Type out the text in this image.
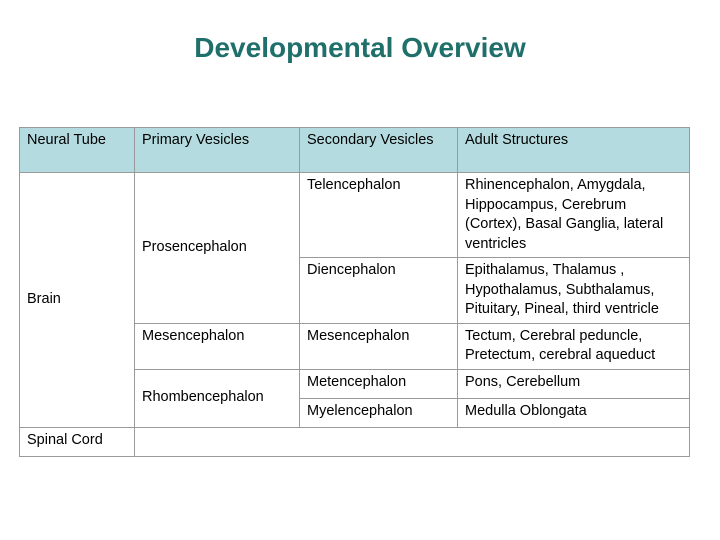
Developmental Overview
Neural Tube	Primary Vesicles	Secondary Vesicles	Adult Structures
Brain	Prosencephalon	Telencephalon	Rhinencephalon, Amygdala, Hippocampus, Cerebrum (Cortex), Basal Ganglia, lateral ventricles
		Diencephalon	Epithalamus, Thalamus , Hypothalamus, Subthalamus, Pituitary, Pineal, third ventricle
	Mesencephalon	Mesencephalon	Tectum, Cerebral peduncle, Pretectum, cerebral aqueduct
	Rhombencephalon	Metencephalon	Pons, Cerebellum
		Myelencephalon	Medulla Oblongata
Spinal Cord			
